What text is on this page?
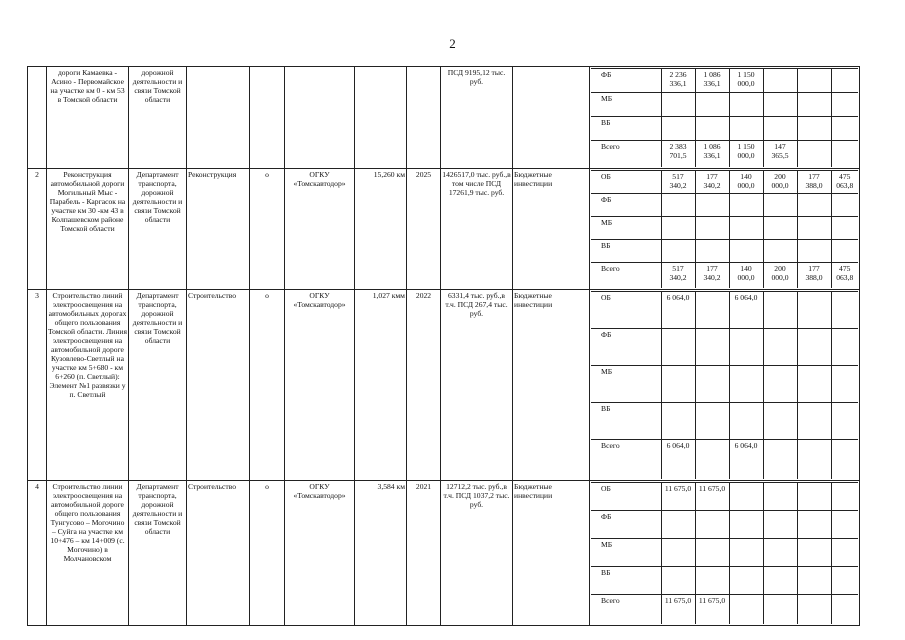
2
	дороги Камаевка - Асино - Первомайское на участке км 0 - км 53 в Томской области	дорожной деятельности и связи Томской области						ПСД 9195,12 тыс. руб.		
ФБ	2 236 336,1	1 086 336,1	1 150 000,0			
МБ						
ВБ						
Всего	2 383 701,5	1 086 336,1	1 150 000,0	147 365,5		

2	Реконструкция автомобильной дороги Могильный Мыс - Парабель - Каргасок на участке км 30 -км 43 в Колпашевском районе Томской области	Департамент транспорта, дорожной деятельности и связи Томской области	Реконструкция	о	ОГКУ «Томскавтодор»	15,260 км	2025	1426517,0 тыс. руб.,в том числе ПСД 17261,9 тыс. руб.	Бюджетные инвестиции	
ОБ	517 340,2	177 340,2	140 000,0	200 000,0	177 388,0	475 063,8
ФБ						
МБ						
ВБ						
Всего	517 340,2	177 340,2	140 000,0	200 000,0	177 388,0	475 063,8

3	Строительство линий электроосвещения на автомобильных дорогах общего пользования Томской области. Линия электроосвещения на автомобильной дороге Кузовлево-Светлый на участке км 5+680 - км 6+260 (п. Светлый): Элемент №1 развязки у п. Светлый	Департамент транспорта, дорожной деятельности и связи Томской области	Строительство	о	ОГКУ «Томскавтодор»	1,027 кмм	2022	6331,4 тыс. руб.,в т.ч. ПСД 267,4 тыс. руб.	Бюджетные инвестиции	
ОБ	6 064,0		6 064,0			
ФБ						
МБ						
ВБ						
Всего	6 064,0		6 064,0			

4	Строительство линии электроосвещения на автомобильной дороге общего пользования Тунгусово – Могочино – Суйга на участке км 10+476 – км 14+009 (с. Могочино) в Молчановском	Департамент транспорта, дорожной деятельности и связи Томской области	Строительство	о	ОГКУ «Томскавтодор»	3,584 км	2021	12712,2 тыс. руб.,в т.ч. ПСД 1037,2 тыс. руб.	Бюджетные инвестиции	
ОБ	11 675,0	11 675,0				
ФБ						
МБ						
ВБ						
Всего	11 675,0	11 675,0				
